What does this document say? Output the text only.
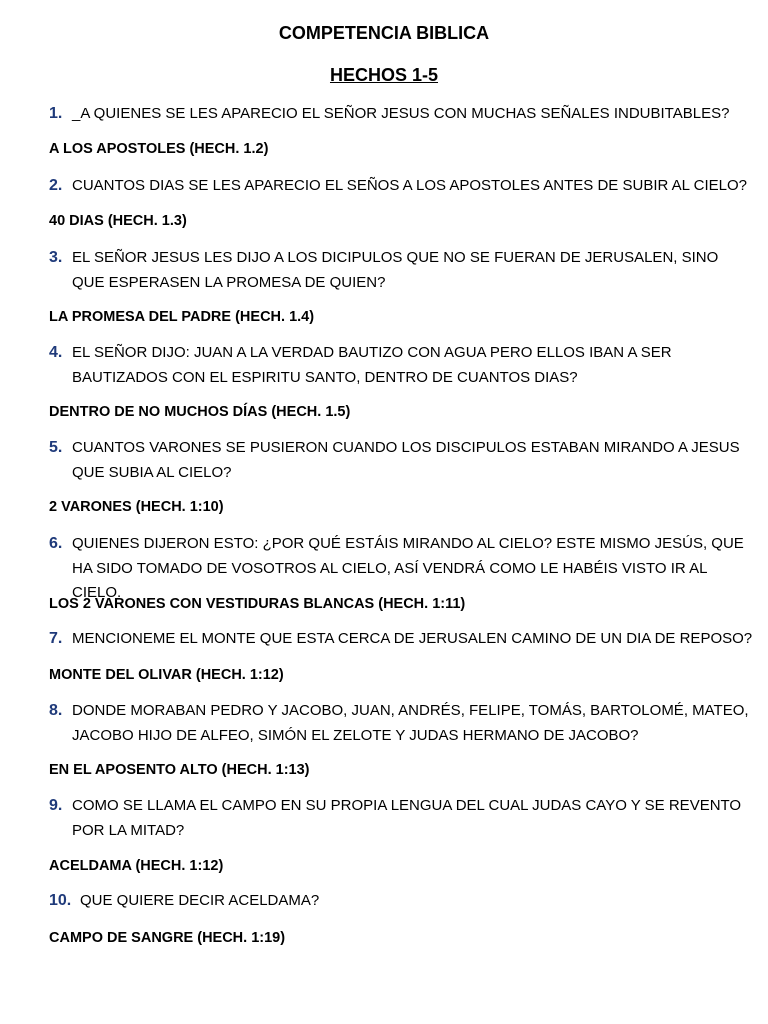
COMPETENCIA BIBLICA
HECHOS 1-5
1. _A QUIENES SE LES APARECIO EL SEÑOR JESUS CON MUCHAS SEÑALES INDUBITABLES?
A LOS APOSTOLES (HECH. 1.2)
2. CUANTOS DIAS SE LES APARECIO EL SEÑOS A LOS APOSTOLES ANTES DE SUBIR AL CIELO?
40 DIAS (HECH. 1.3)
3. EL SEÑOR JESUS LES DIJO A LOS DICIPULOS QUE NO SE FUERAN DE JERUSALEN, SINO QUE ESPERASEN LA PROMESA DE QUIEN?
LA PROMESA DEL PADRE (HECH. 1.4)
4. EL SEÑOR DIJO: JUAN A LA VERDAD BAUTIZO CON AGUA PERO ELLOS IBAN A SER BAUTIZADOS CON EL ESPIRITU SANTO, DENTRO DE CUANTOS DIAS?
DENTRO DE NO MUCHOS DÍAS (HECH. 1.5)
5. CUANTOS VARONES SE PUSIERON CUANDO LOS DISCIPULOS ESTABAN MIRANDO A JESUS QUE SUBIA AL CIELO?
2 VARONES (HECH. 1:10)
6. QUIENES DIJERON ESTO: ¿POR QUÉ ESTÁIS MIRANDO AL CIELO? ESTE MISMO JESÚS, QUE HA SIDO TOMADO DE VOSOTROS AL CIELO, ASÍ VENDRÁ COMO LE HABÉIS VISTO IR AL CIELO.
LOS 2 VARONES CON VESTIDURAS BLANCAS (HECH. 1:11)
7. MENCIONEME EL MONTE QUE ESTA CERCA DE JERUSALEN CAMINO DE UN DIA DE REPOSO?
MONTE DEL OLIVAR (HECH. 1:12)
8. DONDE MORABAN PEDRO Y JACOBO, JUAN, ANDRÉS, FELIPE, TOMÁS, BARTOLOMÉ, MATEO, JACOBO HIJO DE ALFEO, SIMÓN EL ZELOTE Y JUDAS HERMANO DE JACOBO?
EN EL APOSENTO ALTO (HECH. 1:13)
9. COMO SE LLAMA EL CAMPO EN SU PROPIA LENGUA DEL CUAL JUDAS CAYO Y SE REVENTO POR LA MITAD?
ACELDAMA (HECH. 1:12)
10. QUE QUIERE DECIR ACELDAMA?
CAMPO DE SANGRE (HECH. 1:19)
